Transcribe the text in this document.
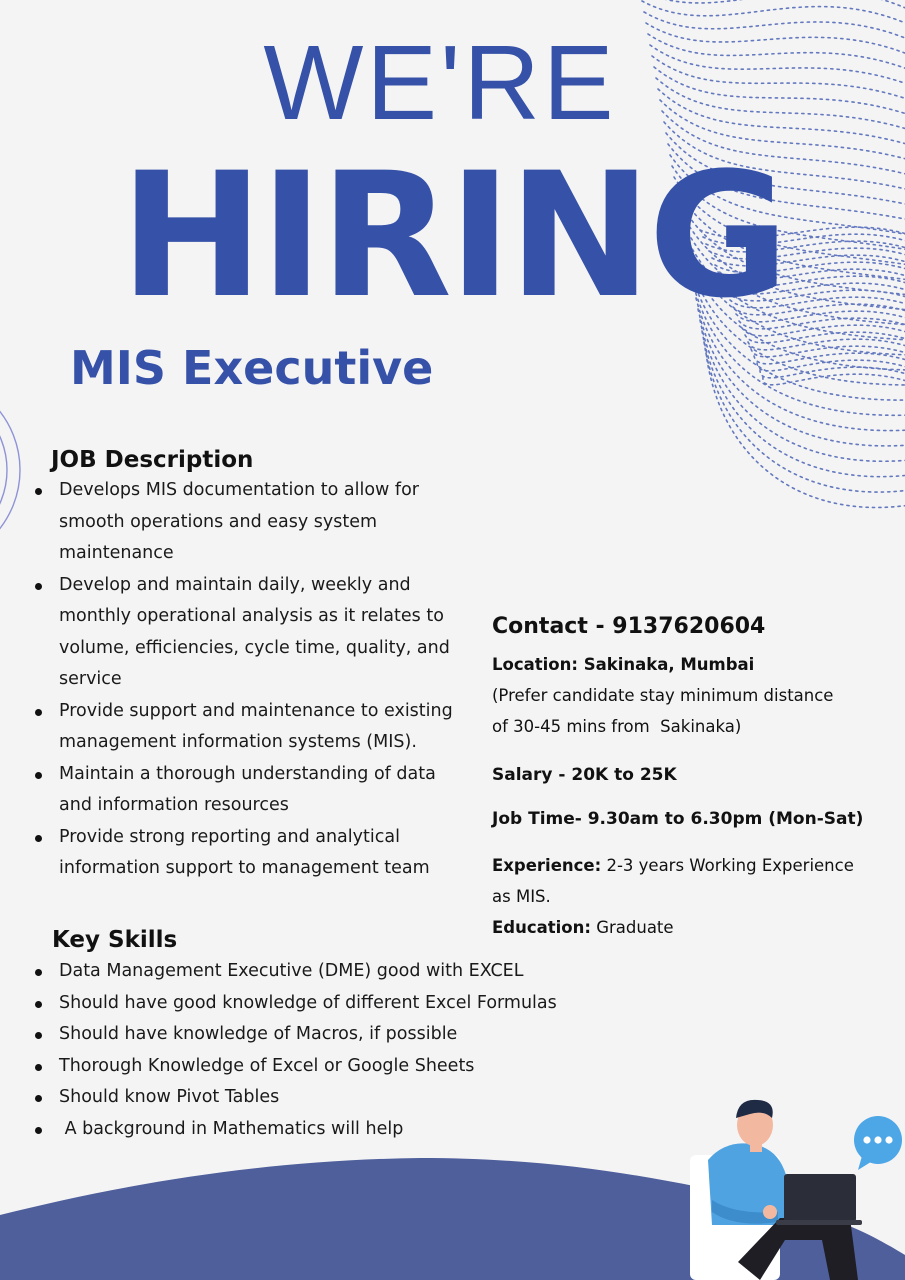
WE'RE
HIRING
MIS Executive
JOB Description
Develops MIS documentation to allow for smooth operations and easy system maintenance
Develop and maintain daily, weekly and monthly operational analysis as it relates to volume, efficiencies, cycle time, quality, and service
Provide support and maintenance to existing management information systems (MIS).
Maintain a thorough understanding of data and information resources
Provide strong reporting and analytical information support to management team
Key Skills
Data Management Executive (DME) good with EXCEL
Should have good knowledge of different Excel Formulas
Should have knowledge of Macros, if possible
Thorough Knowledge of Excel or Google Sheets
Should know Pivot Tables
A background in Mathematics will help
Contact - 9137620604
Location: Sakinaka, Mumbai
(Prefer candidate stay minimum distance
of 30-45 mins from  Sakinaka)
Salary - 20K to 25K
Job Time- 9.30am to 6.30pm (Mon-Sat)
Experience: 2-3 years Working Experience as MIS.
Education: Graduate
